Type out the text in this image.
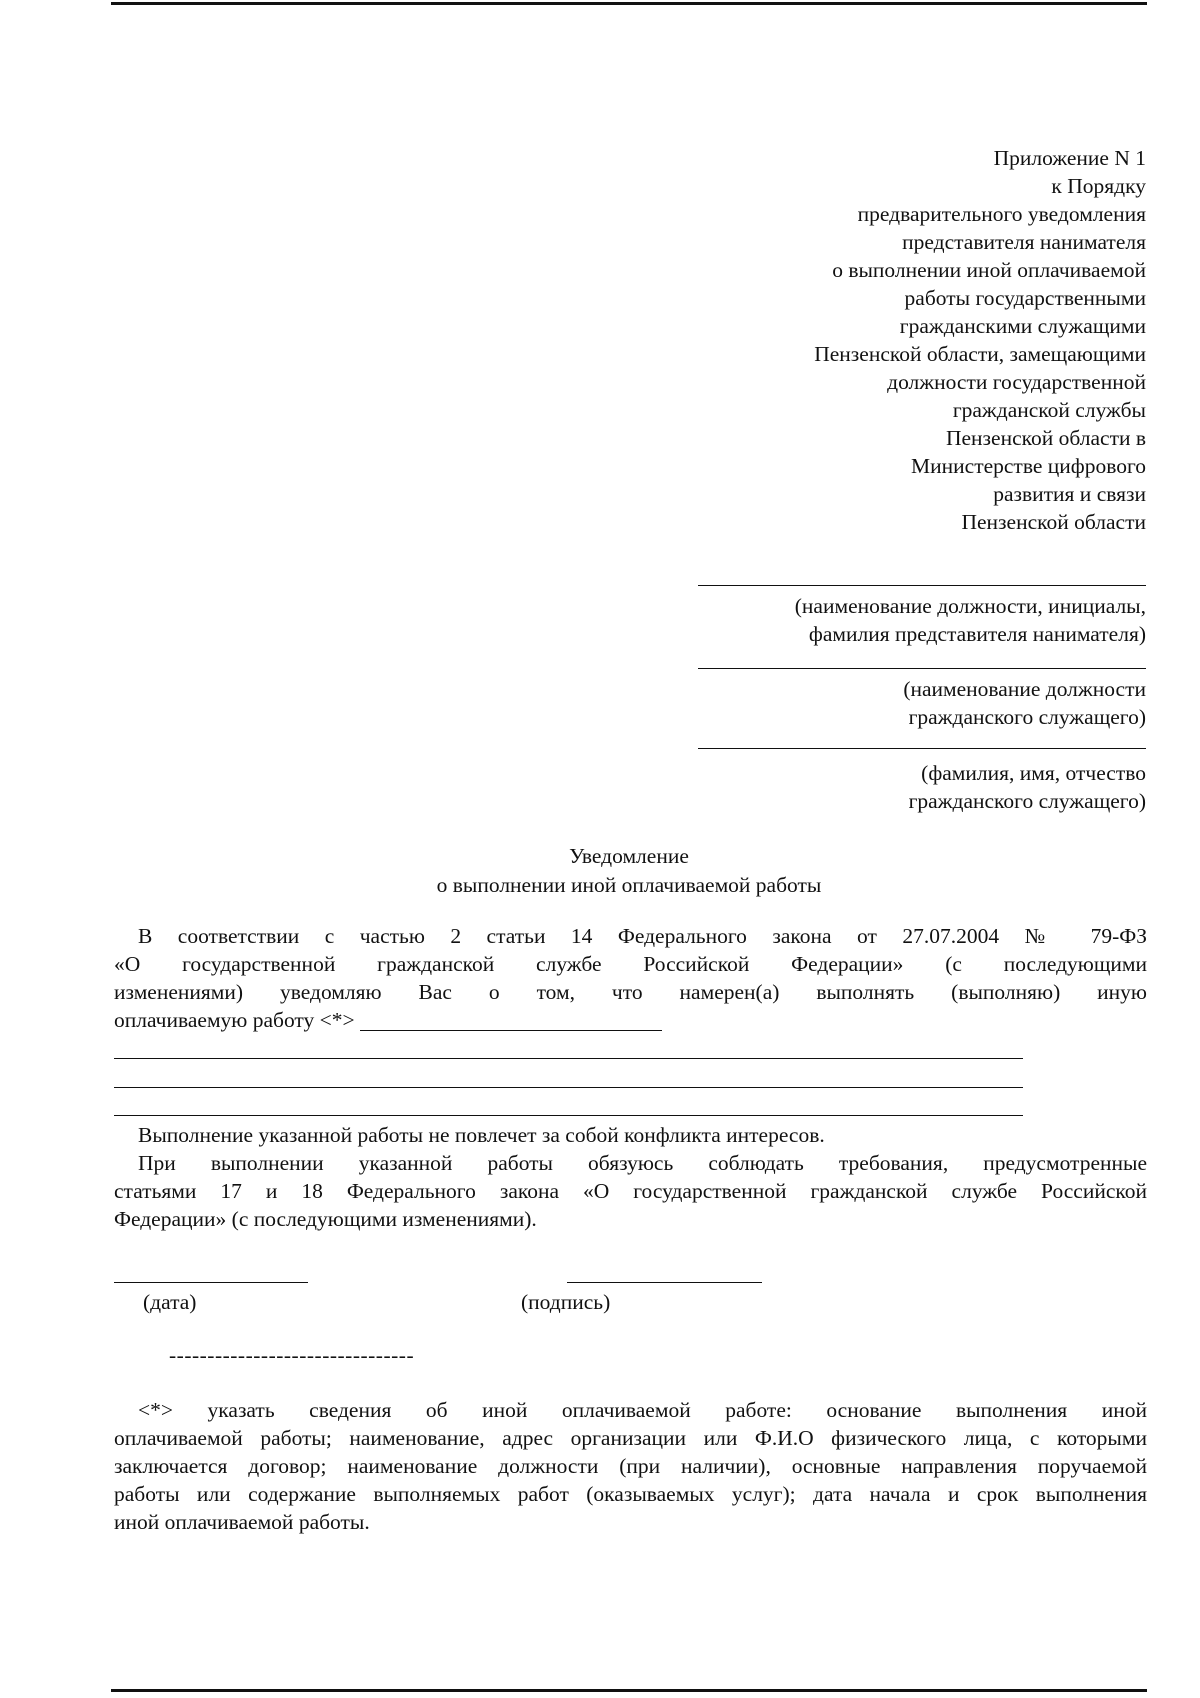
Приложение N 1
к Порядку
предварительного уведомления
представителя нанимателя
о выполнении иной оплачиваемой
работы государственными
гражданскими служащими
Пензенской области, замещающими
должности государственной
гражданской службы
Пензенской области в
Министерстве цифрового
развития и связи
Пензенской области
(наименование должности, инициалы,
фамилия представителя нанимателя)
(наименование должности
гражданского служащего)
(фамилия, имя, отчество
гражданского служащего)
Уведомление
о выполнении иной оплачиваемой работы
В соответствии с частью 2 статьи 14 Федерального закона от 27.07.2004 № 79-ФЗ
«О государственной гражданской службе Российской Федерации» (с последующими
изменениями) уведомляю Вас о том, что намерен(а) выполнять (выполняю) иную
оплачиваемую работу <*>
Выполнение указанной работы не повлечет за собой конфликта интересов.
При выполнении указанной работы обязуюсь соблюдать требования, предусмотренные
статьями 17 и 18 Федерального закона «О государственной гражданской службе Российской
Федерации» (с последующими изменениями).
(дата)	(подпись)
--------------------------------
<*> указать сведения об иной оплачиваемой работе: основание выполнения иной
оплачиваемой работы; наименование, адрес организации или Ф.И.О физического лица, с которыми
заключается договор; наименование должности (при наличии), основные направления поручаемой
работы или содержание выполняемых работ (оказываемых услуг); дата начала и срок выполнения
иной оплачиваемой работы.
